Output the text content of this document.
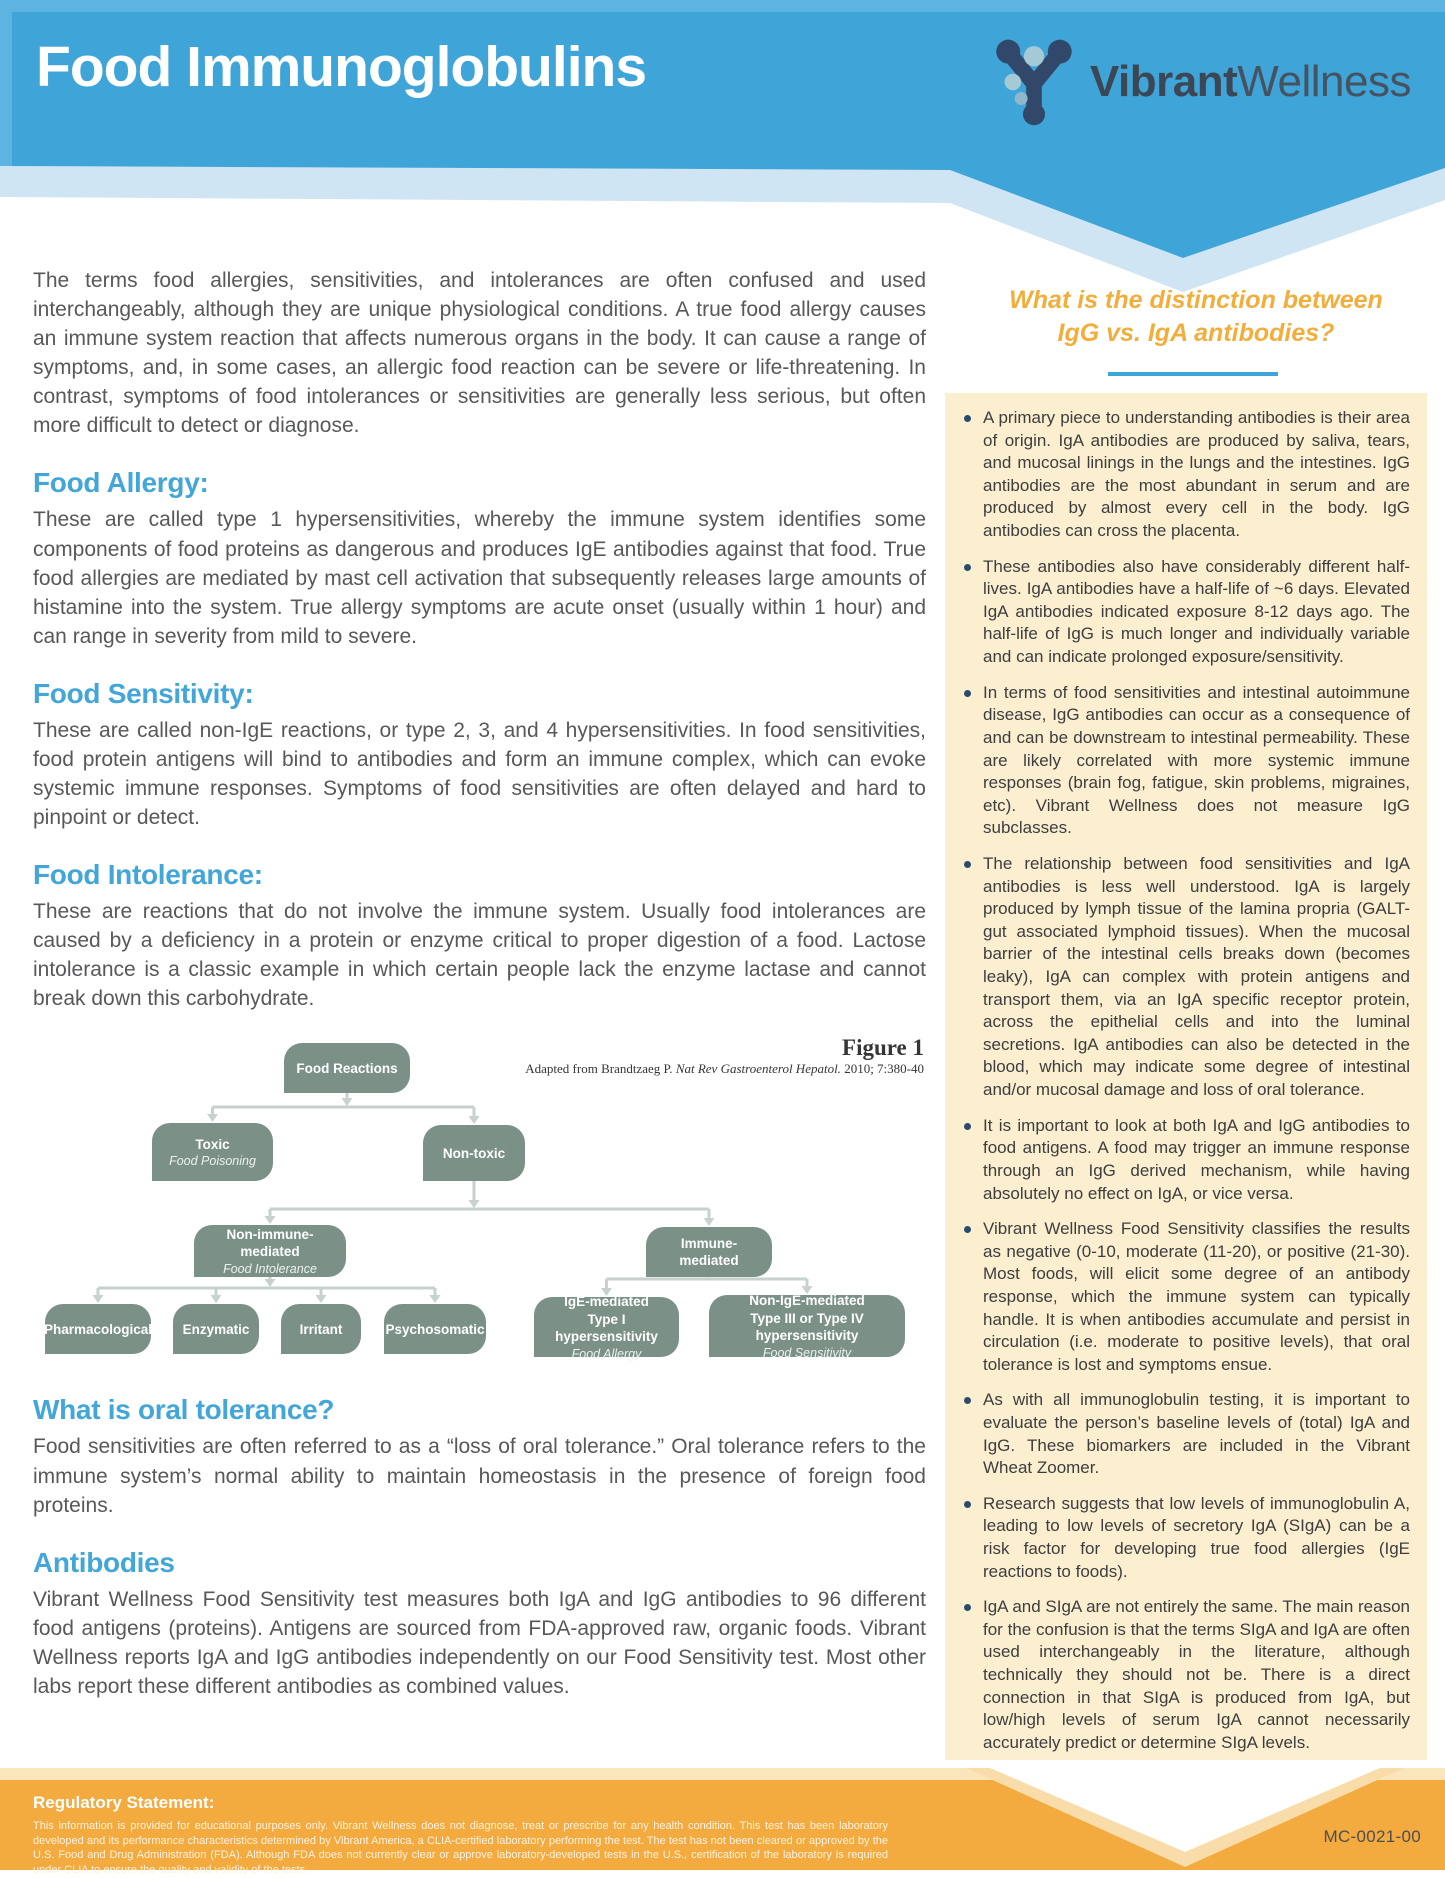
Food Immunoglobulins	VibrantWellness

The terms food allergies, sensitivities, and intolerances are often confused and used interchangeably, although they are unique physiological conditions. A true food allergy causes an immune system reaction that affects numerous organs in the body. It can cause a range of symptoms, and, in some cases, an allergic food reaction can be severe or life-threatening. In contrast, symptoms of food intolerances or sensitivities are generally less serious, but often more difficult to detect or diagnose.

Food Allergy:

These are called type 1 hypersensitivities, whereby the immune system identifies some components of food proteins as dangerous and produces IgE antibodies against that food. True food allergies are mediated by mast cell activation that subsequently releases large amounts of histamine into the system. True allergy symptoms are acute onset (usually within 1 hour) and can range in severity from mild to severe.

Food Sensitivity:

These are called non-IgE reactions, or type 2, 3, and 4 hypersensitivities. In food sensitivities, food protein antigens will bind to antibodies and form an immune complex, which can evoke systemic immune responses. Symptoms of food sensitivities are often delayed and hard to pinpoint or detect.

Food Intolerance:

These are reactions that do not involve the immune system. Usually food intolerances are caused by a deficiency in a protein or enzyme critical to proper digestion of a food. Lactose intolerance is a classic example in which certain people lack the enzyme lactase and cannot break down this carbohydrate.

Figure 1
Adapted from Brandtzaeg P. Nat Rev Gastroenterol Hepatol. 2010; 7:380-40
Food Reactions
Toxic
Food Poisoning
Non-toxic
Non-immune-mediated
Food Intolerance
Immune-mediated
Pharmacological Enzymatic	Irritant	Psychosomatic
IgE-mediated
Type I hypersensitivity
Food Allergy
Non-IgE-mediated
Type III or Type IV hypersensitivity
Food Sensitivity
What is oral tolerance?

Food sensitivities are often referred to as a “loss of oral tolerance.” Oral tolerance refers to the immune system’s normal ability to maintain homeostasis in the presence of foreign food proteins.

Antibodies

Vibrant Wellness Food Sensitivity test measures both IgA and IgG antibodies to 96 different food antigens (proteins). Antigens are sourced from FDA-approved raw, organic foods. Vibrant Wellness reports IgA and IgG antibodies independently on our Food Sensitivity test. Most other labs report these different antibodies as combined values.

What is the distinction between
IgG vs. IgA antibodies?
A primary piece to understanding antibodies is their area of origin. IgA antibodies are produced by saliva, tears, and mucosal linings in the lungs and the intestines. IgG antibodies are the most abundant in serum and are produced by almost every cell in the body. IgG antibodies can cross the placenta.
These antibodies also have considerably different half-lives. IgA antibodies have a half-life of ~6 days. Elevated IgA antibodies indicated exposure 8-12 days ago. The half-life of IgG is much longer and individually variable and can indicate prolonged exposure/sensitivity.
In terms of food sensitivities and intestinal autoimmune disease, IgG antibodies can occur as a consequence of and can be downstream to intestinal permeability. These are likely correlated with more systemic immune responses (brain fog, fatigue, skin problems, migraines, etc). Vibrant Wellness does not measure IgG subclasses.
The relationship between food sensitivities and IgA antibodies is less well understood. IgA is largely produced by lymph tissue of the lamina propria (GALT-gut associated lymphoid tissues). When the mucosal barrier of the intestinal cells breaks down (becomes leaky), IgA can complex with protein antigens and transport them, via an IgA specific receptor protein, across the epithelial cells and into the luminal secretions. IgA antibodies can also be detected in the blood, which may indicate some degree of intestinal and/or mucosal damage and loss of oral tolerance.
It is important to look at both IgA and IgG antibodies to food antigens. A food may trigger an immune response through an IgG derived mechanism, while having absolutely no effect on IgA, or vice versa.
Vibrant Wellness Food Sensitivity classifies the results as negative (0-10, moderate (11-20), or positive (21-30). Most foods, will elicit some degree of an antibody response, which the immune system can typically handle. It is when antibodies accumulate and persist in circulation (i.e. moderate to positive levels), that oral tolerance is lost and symptoms ensue.
As with all immunoglobulin testing, it is important to evaluate the person’s baseline levels of (total) IgA and IgG. These biomarkers are included in the Vibrant Wheat Zoomer.
Research suggests that low levels of immunoglobulin A, leading to low levels of secretory IgA (SIgA) can be a risk factor for developing true food allergies (IgE reactions to foods).
IgA and SIgA are not entirely the same. The main reason for the confusion is that the terms SIgA and IgA are often used interchangeably in the literature, although technically they should not be. There is a direct connection in that SIgA is produced from IgA, but low/high levels of serum IgA cannot necessarily accurately predict or determine SIgA levels.
Regulatory Statement:
This information is provided for educational purposes only. Vibrant Wellness does not diagnose, treat or prescribe for any health condition. This test has been laboratory developed and its performance characteristics determined by Vibrant America, a CLIA-certified laboratory performing the test. The test has not been cleared or approved by the U.S. Food and Drug Administration (FDA). Although FDA does not currently clear or approve laboratory-developed tests in the U.S., certification of the laboratory is required under CLIA to ensure the quality and validity of the tests.
MC-0021-00
